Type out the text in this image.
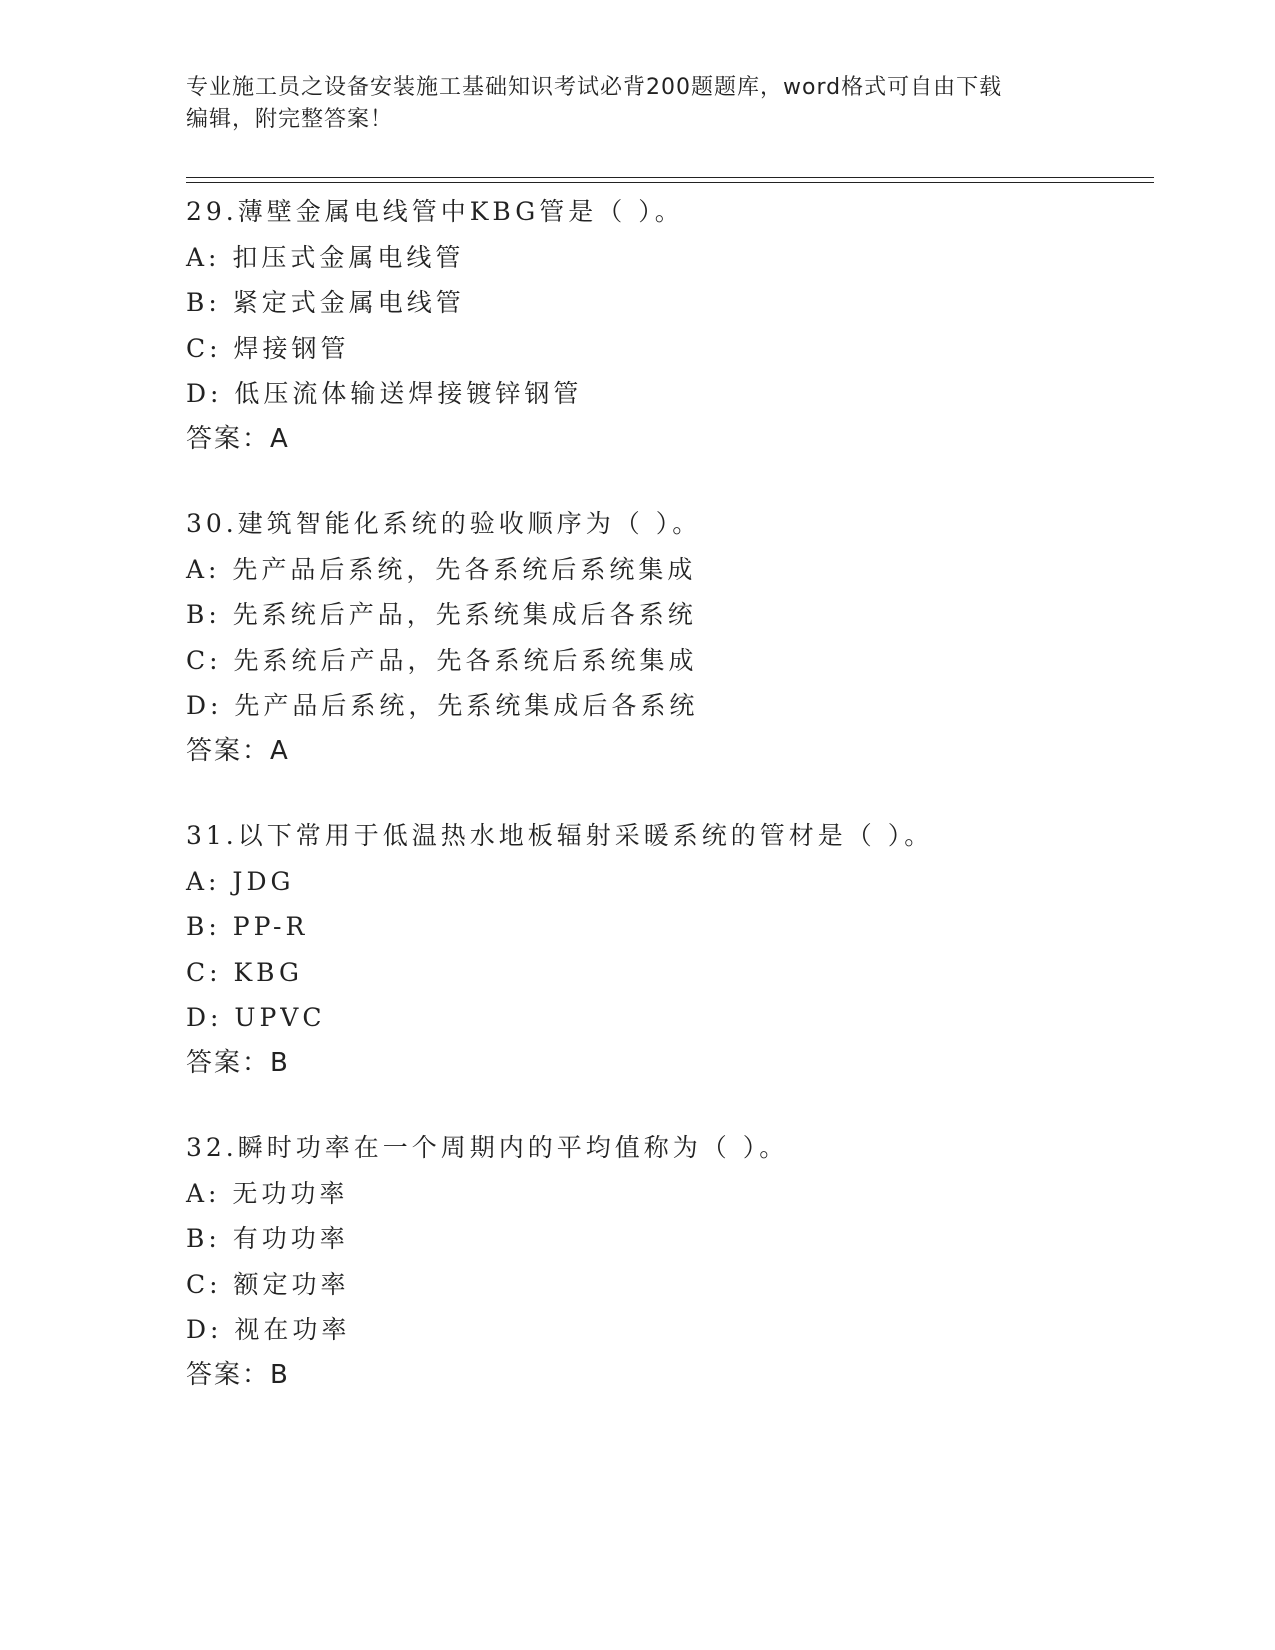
专业施工员之设备安装施工基础知识考试必背200题题库，word格式可自由下载
编辑，附完整答案！
29.薄壁金属电线管中KBG管是（ ）。
A: 扣压式金属电线管
B: 紧定式金属电线管
C: 焊接钢管
D: 低压流体输送焊接镀锌钢管
答案：A
30.建筑智能化系统的验收顺序为（ ）。
A: 先产品后系统，先各系统后系统集成
B: 先系统后产品，先系统集成后各系统
C: 先系统后产品，先各系统后系统集成
D: 先产品后系统，先系统集成后各系统
答案：A
31.以下常用于低温热水地板辐射采暖系统的管材是（ ）。
A: JDG
B: PP-R
C: KBG
D: UPVC
答案：B
32.瞬时功率在一个周期内的平均值称为（ ）。
A: 无功功率
B: 有功功率
C: 额定功率
D: 视在功率
答案：B
